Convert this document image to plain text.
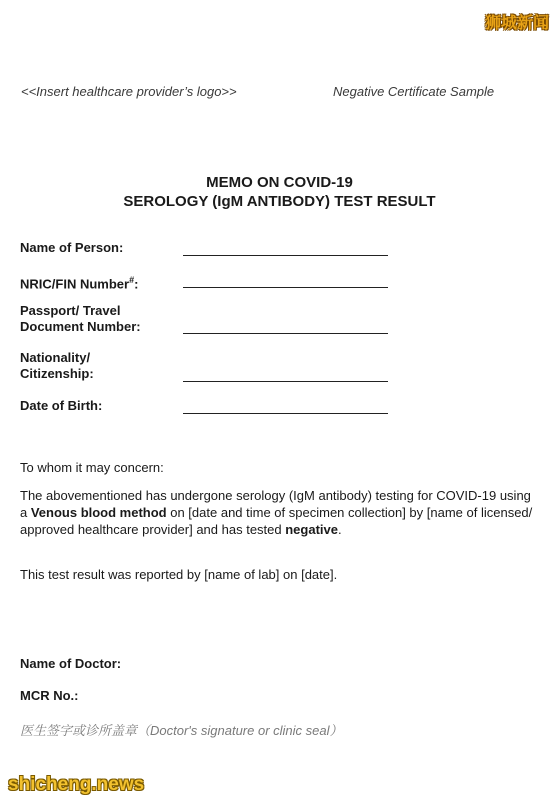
狮城新闻
<<Insert healthcare provider’s logo>>	Negative Certificate Sample
MEMO ON COVID-19
SEROLOGY (IgM ANTIBODY) TEST RESULT
Name of Person:
NRIC/FIN Number#:
Passport/ Travel
Document Number:
Nationality/
Citizenship:
Date of Birth:
To whom it may concern:
The abovementioned has undergone serology (IgM antibody) testing for COVID-19 using a Venous blood method on [date and time of specimen collection] by [name of licensed/ approved healthcare provider] and has tested negative.
This test result was reported by [name of lab] on [date].
Name of Doctor:
MCR No.:
医生签字或诊所盖章（Doctor's signature or clinic seal）
shicheng.news
